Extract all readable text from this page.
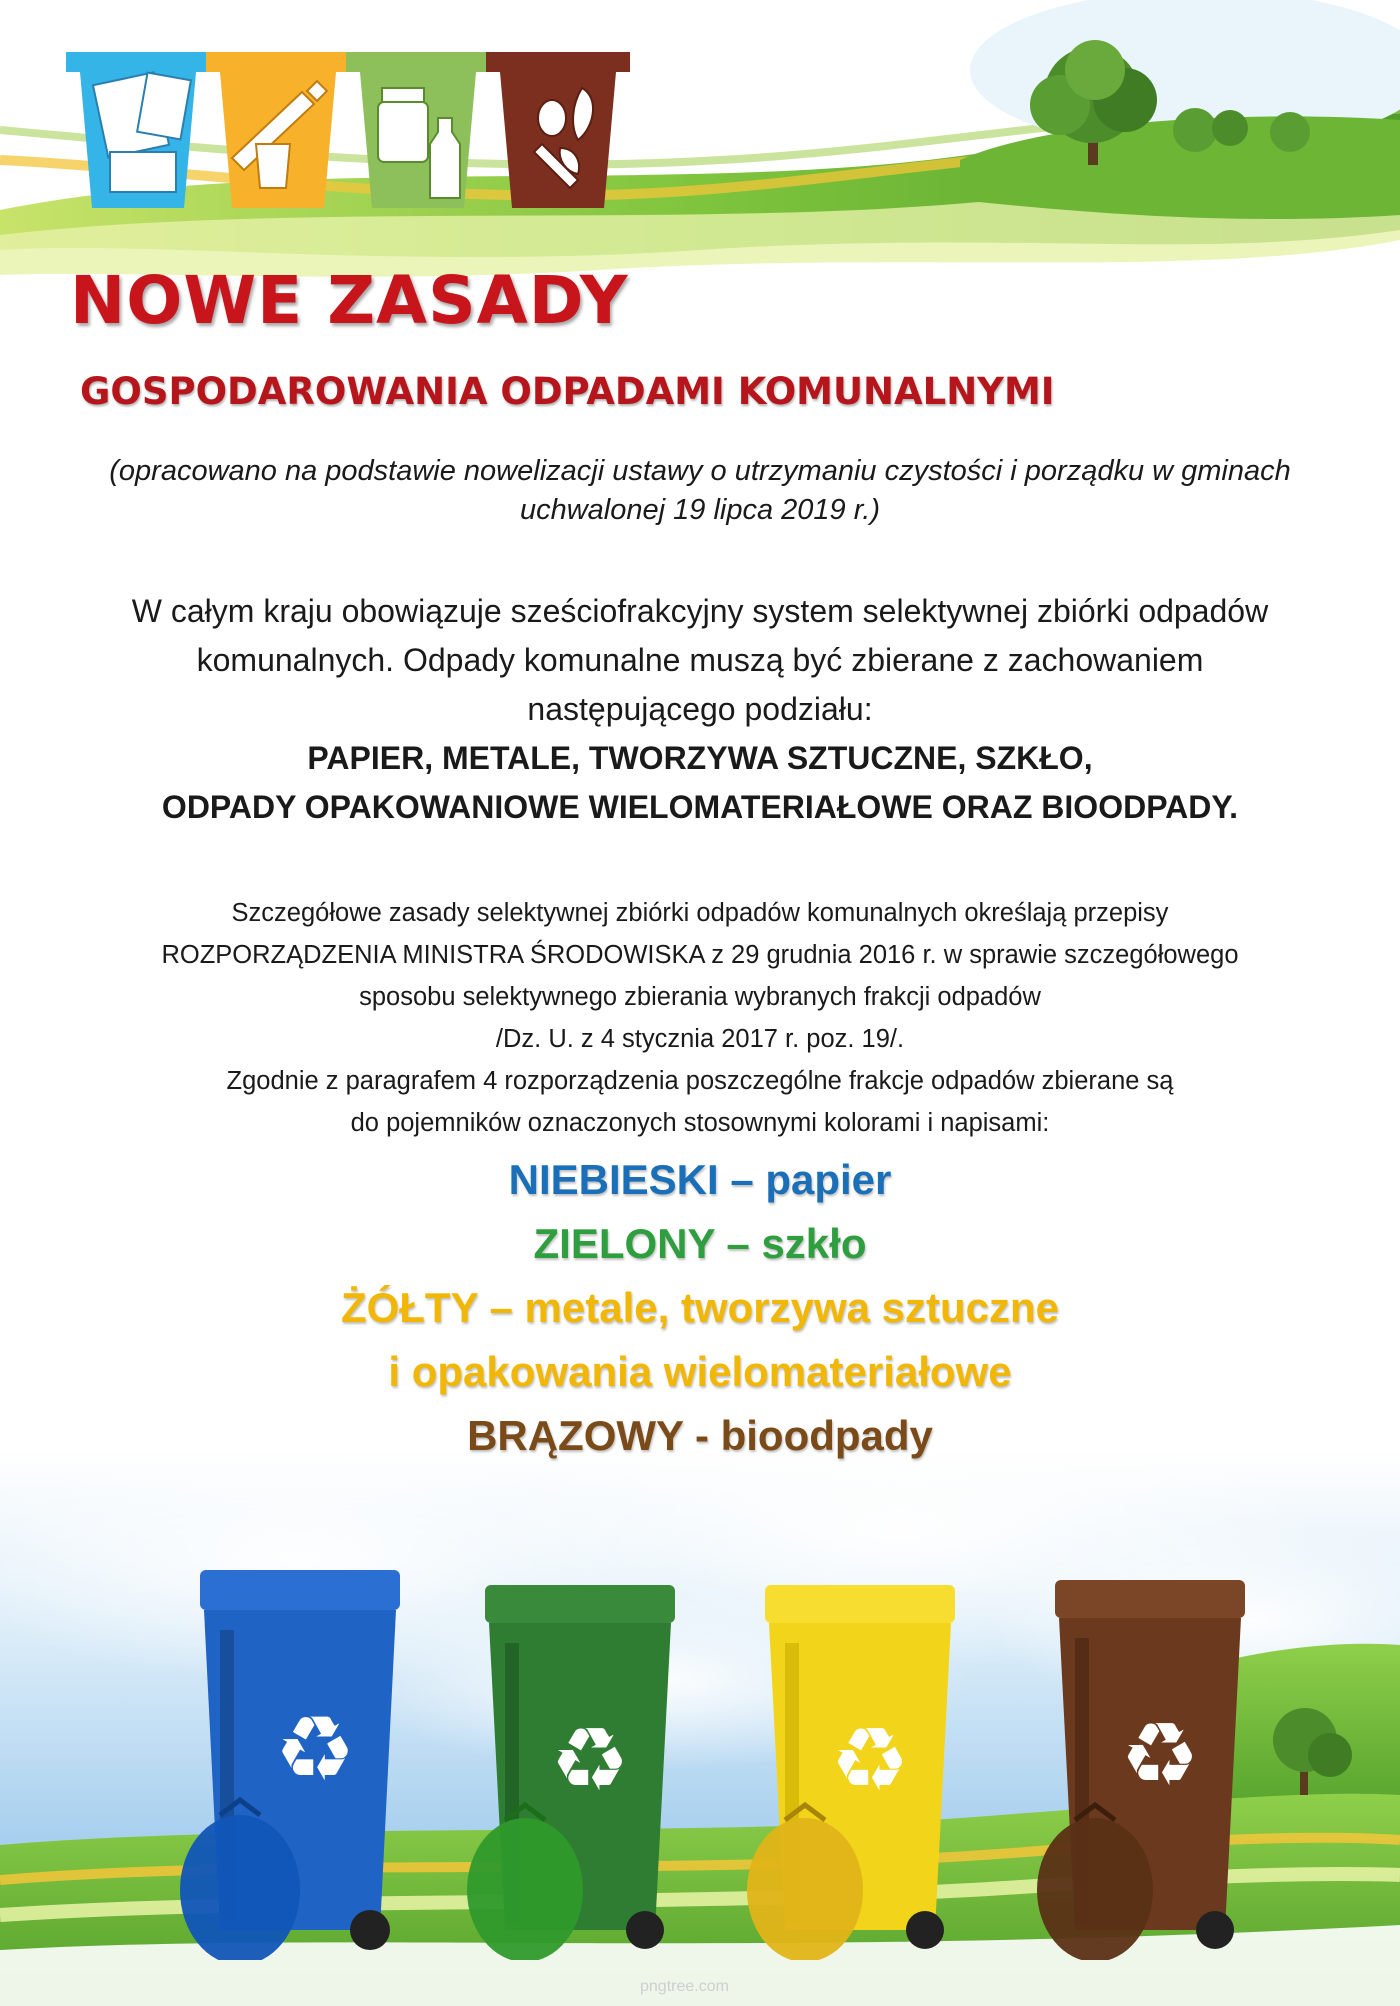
NOWE ZASADY
GOSPODAROWANIA ODPADAMI KOMUNALNYMI
(opracowano na podstawie nowelizacji ustawy o utrzymaniu czystości i porządku w gminach
uchwalonej 19 lipca 2019 r.)
W całym kraju obowiązuje sześciofrakcyjny system selektywnej zbiórki odpadów
komunalnych. Odpady komunalne muszą być zbierane z zachowaniem
następującego podziału:
PAPIER, METALE, TWORZYWA SZTUCZNE, SZKŁO,
ODPADY OPAKOWANIOWE WIELOMATERIAŁOWE ORAZ BIOODPADY.
Szczegółowe zasady selektywnej zbiórki odpadów komunalnych określają przepisy
ROZPORZĄDZENIA MINISTRA ŚRODOWISKA z 29 grudnia 2016 r. w sprawie szczegółowego
sposobu selektywnego zbierania wybranych frakcji odpadów
/Dz. U. z 4 stycznia 2017 r. poz. 19/.
Zgodnie z paragrafem 4 rozporządzenia poszczególne frakcje odpadów zbierane są
do pojemników oznaczonych stosownymi kolorami i napisami:
NIEBIESKI – papier
ZIELONY – szkło
ŻÓŁTY – metale, tworzywa sztuczne
i opakowania wielomateriałowe
BRĄZOWY - bioodpady
♻ ♻ ♻ ♻
pngtree.com
